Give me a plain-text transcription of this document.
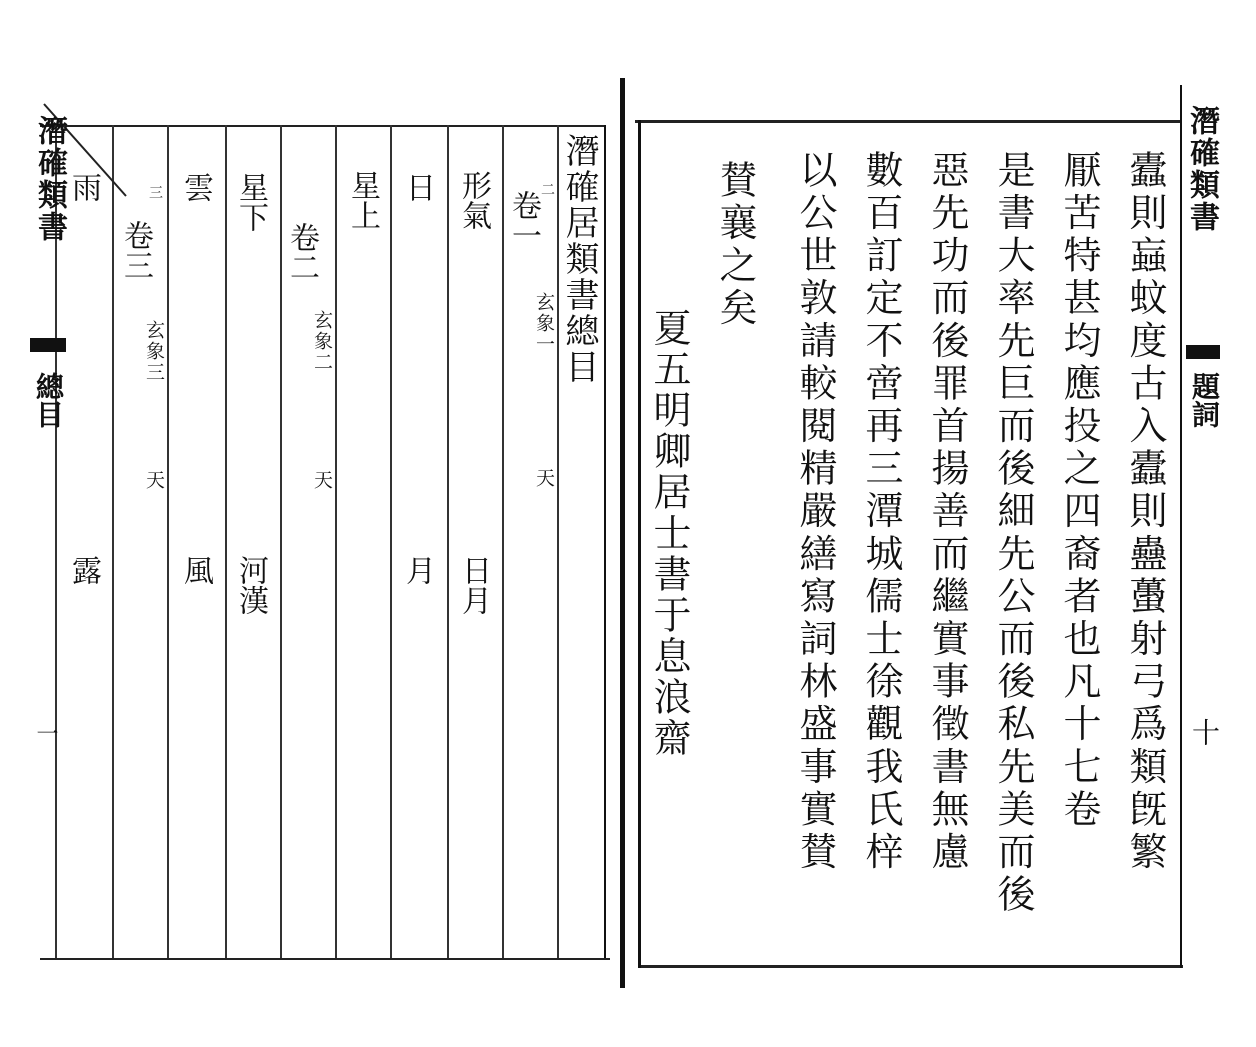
潛確居類書總目
二
卷一
玄象一
天
形氣
日月
日
月
星上
卷二
玄象二
天
星下
河漢
雲
風
三
卷三
玄象三
天
雨
露
潛確類書
總目
一	蠹則蝱蚊度古入蠹則蠱蠆射弓爲類旣繁
厭苦特甚均應投之四裔者也凡十七卷
是書大率先巨而後細先公而後私先美而後
惡先功而後罪首揚善而繼實事徵書無慮
數百訂定不啻再三潭城儒士徐觀我氏梓
以公世敦請較閱精嚴繕寫詞林盛事實賛
賛襄之矣
夏五明卿居士書于息浪齋
潛確類書
題詞
十
